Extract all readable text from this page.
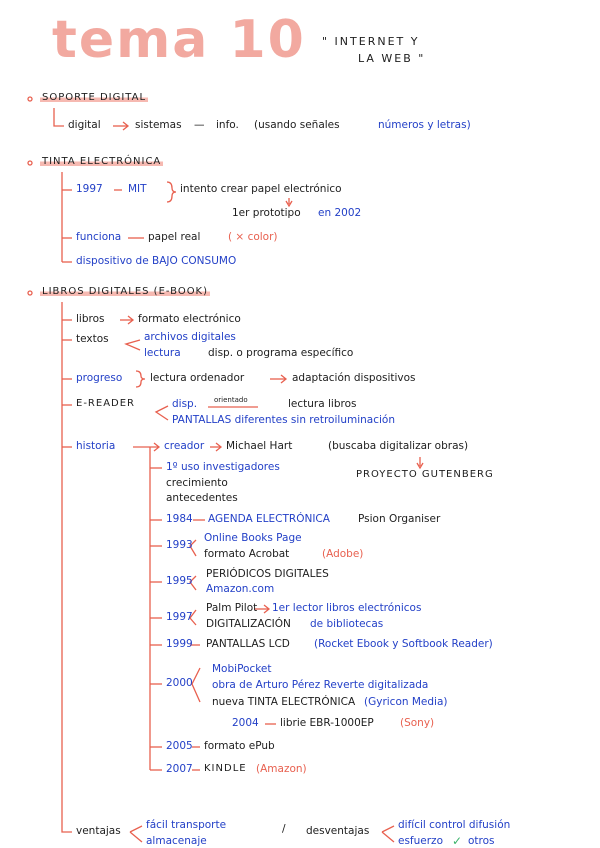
tema 10 " INTERNET Y
LA WEB "
SOPORTE DIGITAL
digital	sistemas — info. (usando señales	números y letras)
TINTA ELECTRÓNICA
1997 MIT	intento crear papel electrónico
1er prototipo en 2002
funciona	papel real	( × color)
dispositivo de BAJO CONSUMO
LIBROS DIGITALES (E-BOOK)
libros	formato electrónico
textos	archivos digitales
lectura	disp. o programa específico
progreso	lectura ordenador	adaptación dispositivos
E-READER	disp. orientado	lectura libros
PANTALLAS diferentes sin retroiluminación
historia	creador Michael Hart	(buscaba digitalizar obras)
PROYECTO GUTENBERG
1º uso investigadores
crecimiento
antecedentes
1984 AGENDA ELECTRÓNICA	Psion Organiser
1993
Online Books Page
formato Acrobat	(Adobe)
1995
PERIÓDICOS DIGITALES
Amazon.com
1997
Palm Pilot 1er lector libros electrónicos
DIGITALIZACIÓN de bibliotecas
1999 PANTALLAS LCD (Rocket Ebook y Softbook Reader)
2000
MobiPocket
obra de Arturo Pérez Reverte digitalizada
nueva TINTA ELECTRÓNICA (Gyricon Media)
2004 librie EBR-1000EP	(Sony)
2005 formato ePub
2007 KINDLE (Amazon)
ventajas fácil transporte
almacenaje
/ desventajas	difícil control difusión
esfuerzo ✓ otros
